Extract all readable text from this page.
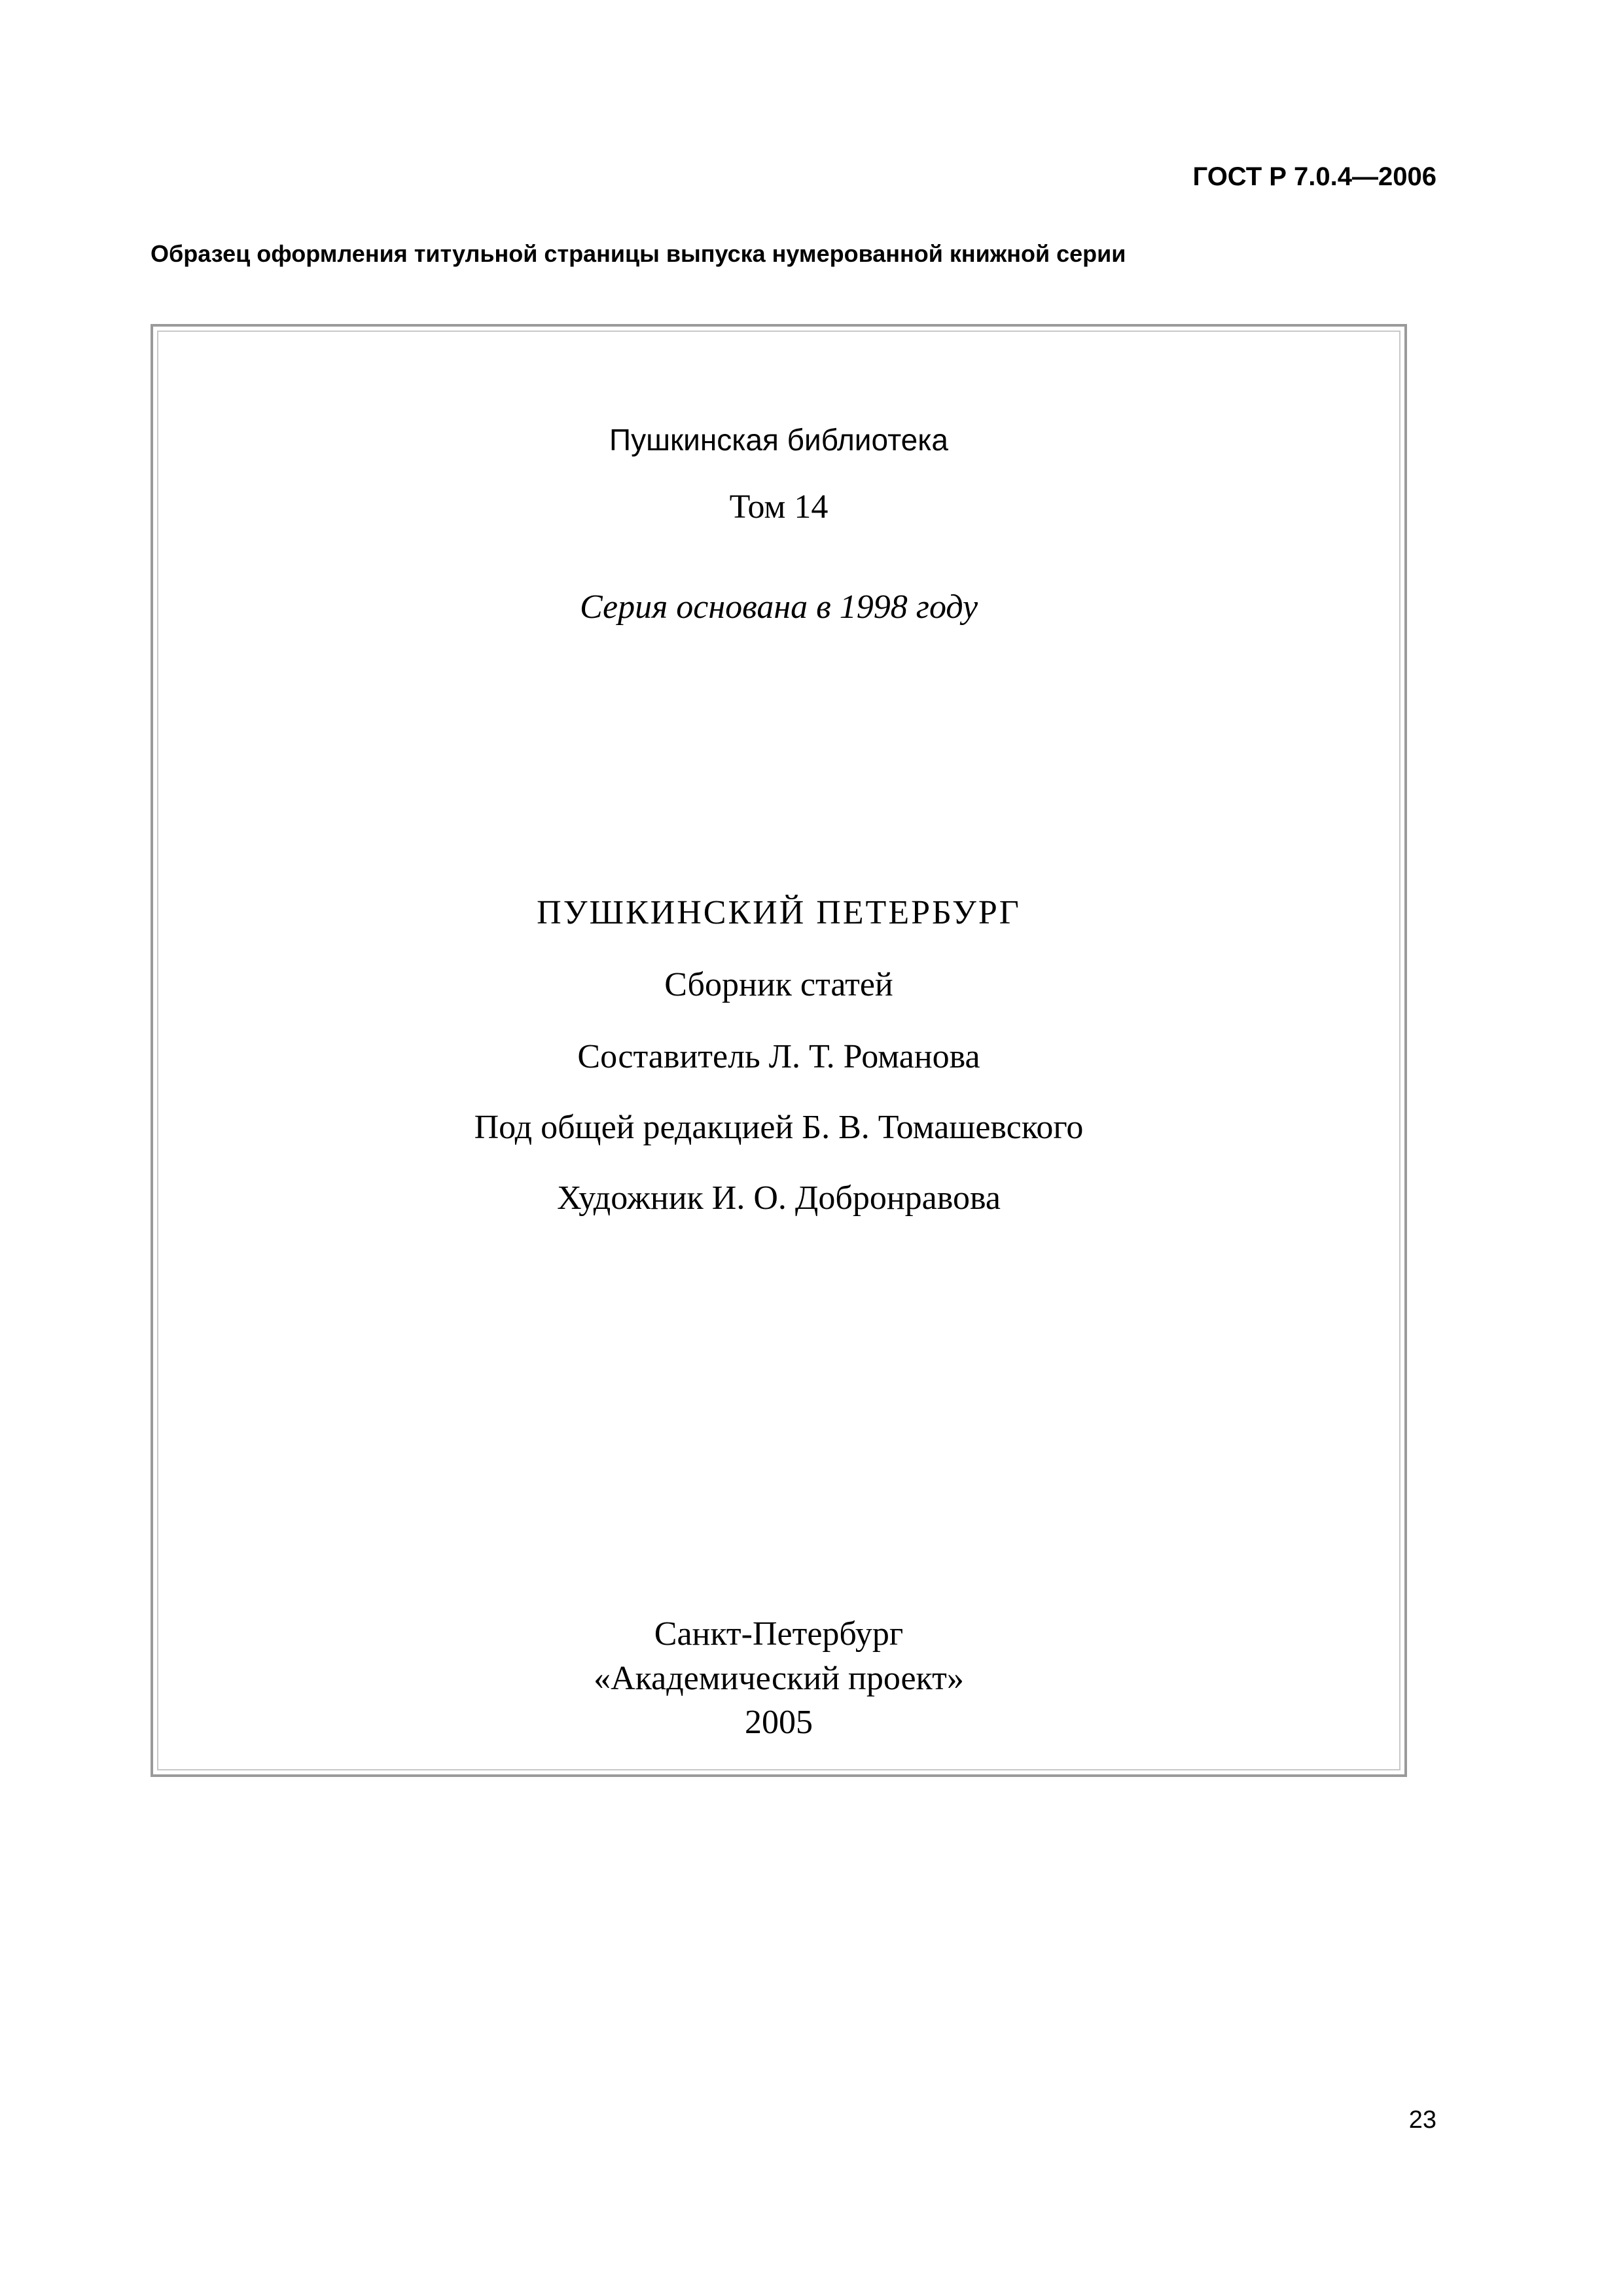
ГОСТ Р 7.0.4—2006
Образец оформления титульной страницы выпуска нумерованной книжной серии
Пушкинская библиотека
Том 14
Серия основана в 1998 году
ПУШКИНСКИЙ ПЕТЕРБУРГ
Сборник статей
Составитель Л. Т. Романова
Под общей редакцией Б. В. Томашевского
Художник И. О. Добронравова
Санкт-Петербург
«Академический проект»
2005
23
